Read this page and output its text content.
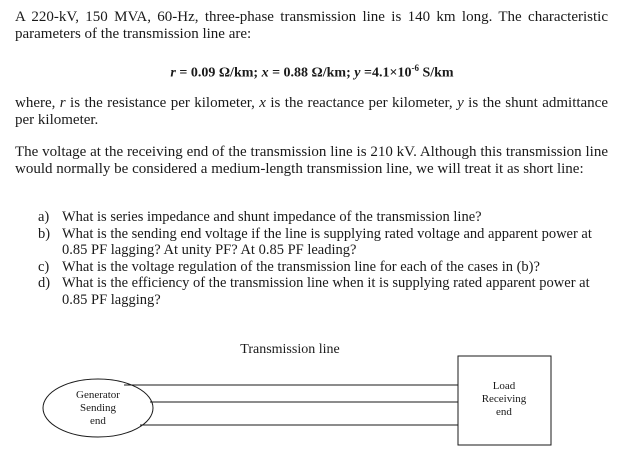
A 220-kV, 150 MVA, 60-Hz, three-phase transmission line is 140 km long. The characteristic parameters of the transmission line are:

r = 0.09 Ω/km; x = 0.88 Ω/km; $y =4.1\times 10^{-6}$ S/km

where, r is the resistance per kilometer, x is the reactance per kilometer, y is the shunt admittance per kilometer.

The voltage at the receiving end of the transmission line is 210 kV. Although this transmission line would normally be considered a medium-length transmission line, we will treat it as short line:

a) What is series impedance and shunt impedance of the transmission line?
b) What is the sending end voltage if the line is supplying rated voltage and apparent power at 0.85 PF lagging? At unity PF? At 0.85 PF leading?
c) What is the voltage regulation of the transmission line for each of the cases in (b)?
d) What is the efficiency of the transmission line when it is supplying rated apparent power at 0.85 PF lagging?
Transmission line
Generator
Sending
end
Load
Receiving
end
